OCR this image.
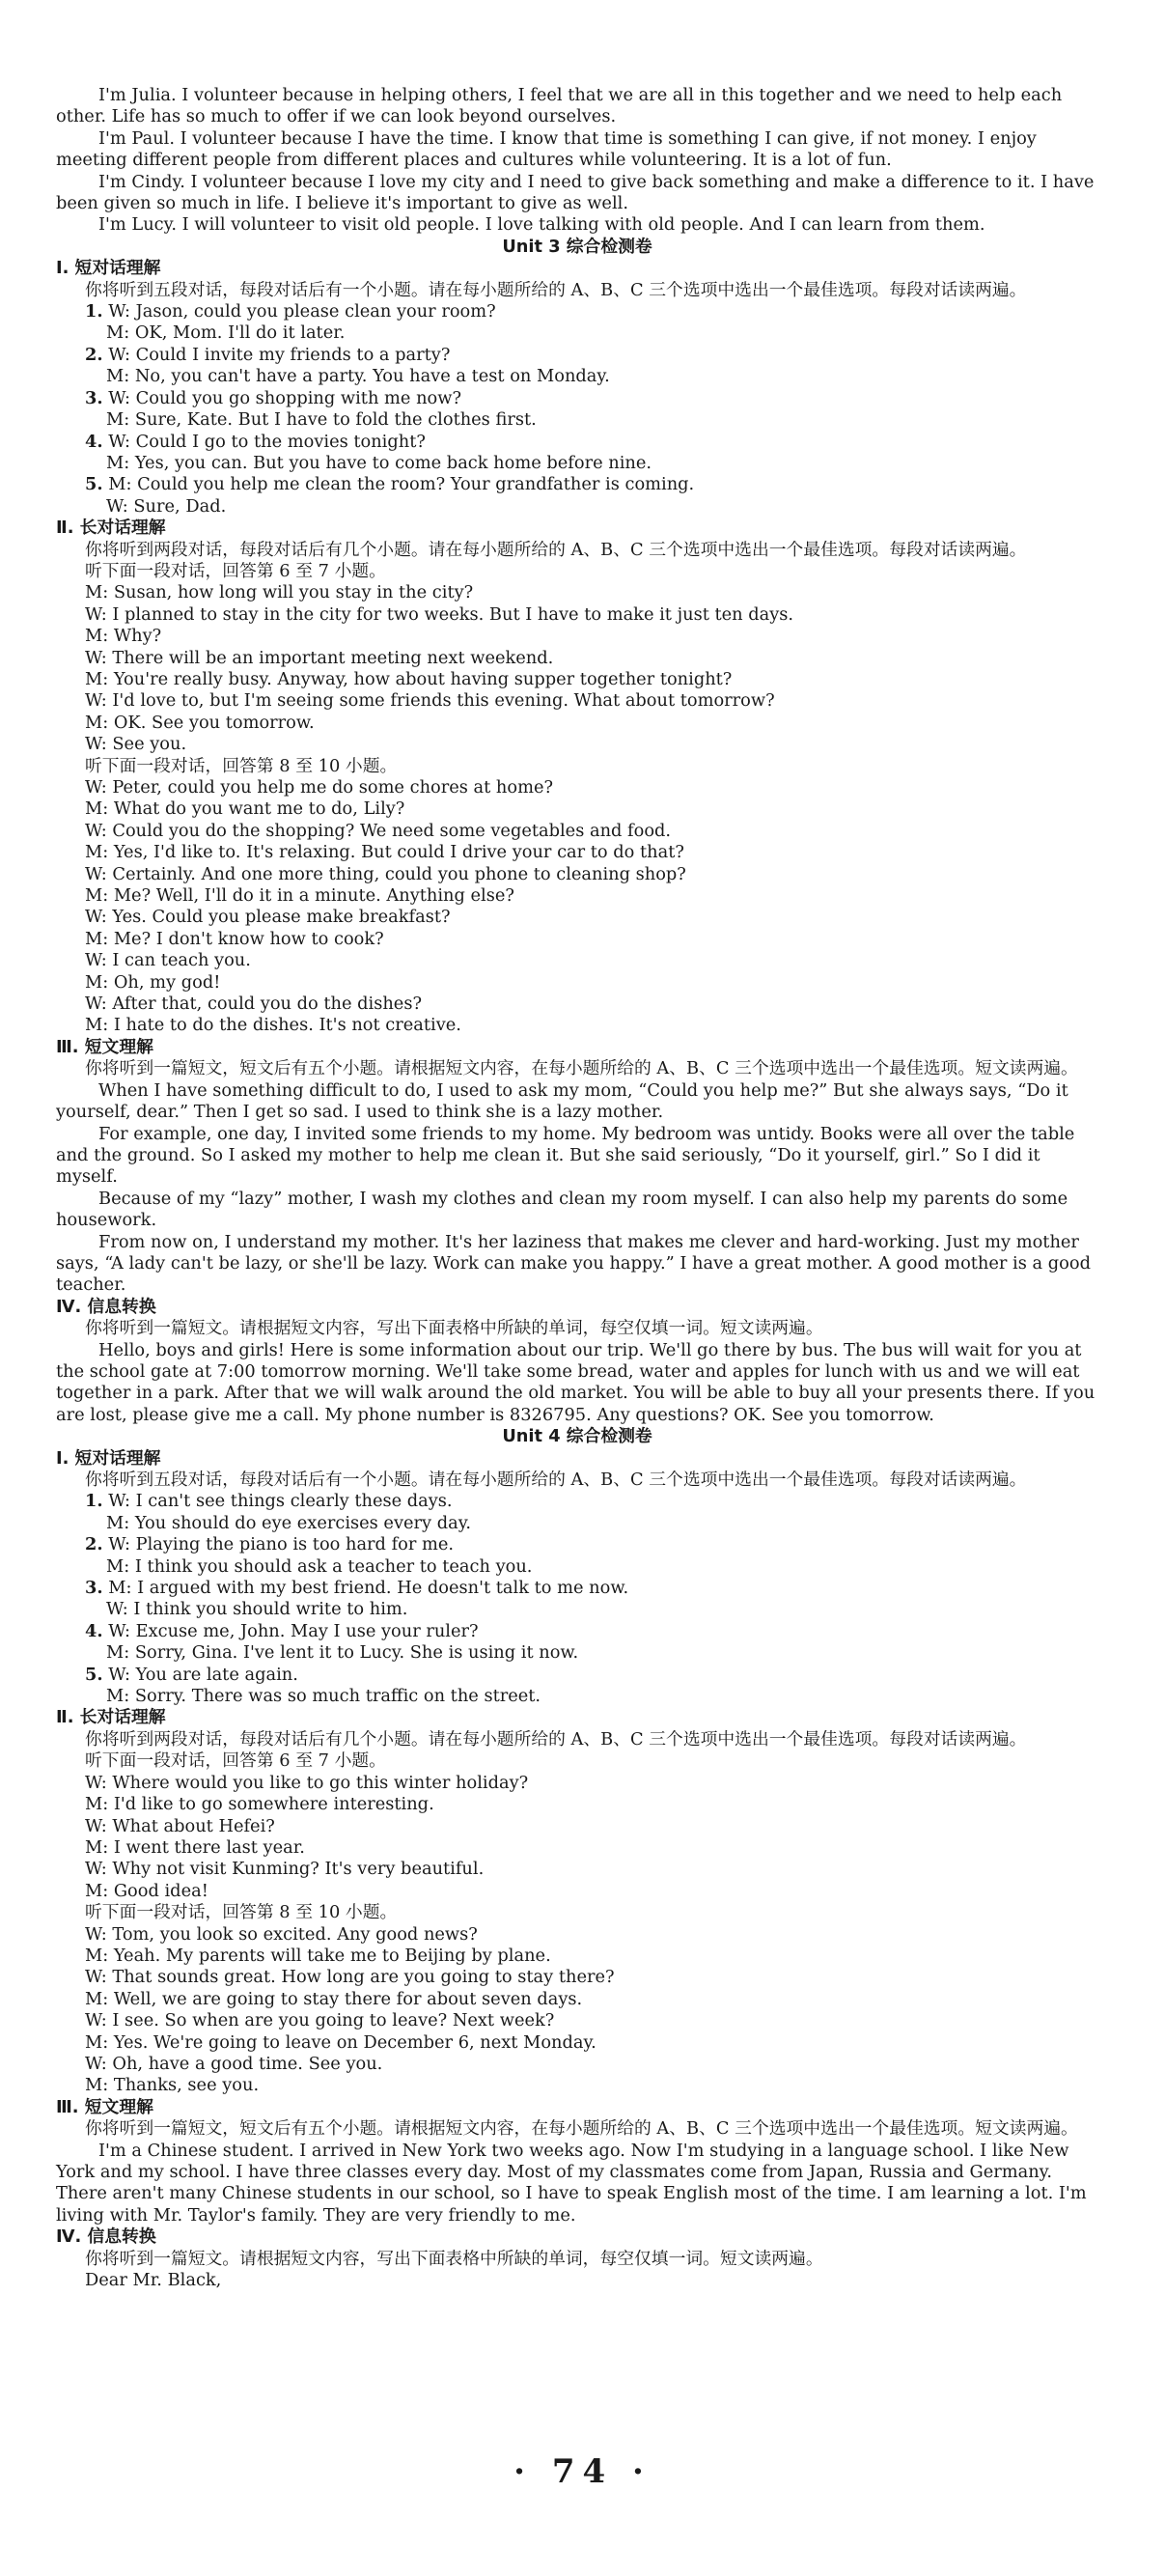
I'm Julia. I volunteer because in helping others, I feel that we are all in this together and we need to help each other. Life has so much to offer if we can look beyond ourselves.

I'm Paul. I volunteer because I have the time. I know that time is something I can give, if not money. I enjoy meeting different people from different places and cultures while volunteering. It is a lot of fun.

I'm Cindy. I volunteer because I love my city and I need to give back something and make a difference to it. I have been given so much in life. I believe it's important to give as well.

I'm Lucy. I will volunteer to visit old people. I love talking with old people. And I can learn from them.

Unit 3 综合检测卷

Ⅰ. 短对话理解

你将听到五段对话，每段对话后有一个小题。请在每小题所给的 A、B、C 三个选项中选出一个最佳选项。每段对话读两遍。

1. W: Jason, could you please clean your room?

M: OK, Mom. I'll do it later.

2. W: Could I invite my friends to a party?

M: No, you can't have a party. You have a test on Monday.

3. W: Could you go shopping with me now?

M: Sure, Kate. But I have to fold the clothes first.

4. W: Could I go to the movies tonight?

M: Yes, you can. But you have to come back home before nine.

5. M: Could you help me clean the room? Your grandfather is coming.

W: Sure, Dad.

Ⅱ. 长对话理解

你将听到两段对话，每段对话后有几个小题。请在每小题所给的 A、B、C 三个选项中选出一个最佳选项。每段对话读两遍。

听下面一段对话，回答第 6 至 7 小题。

M: Susan, how long will you stay in the city?

W: I planned to stay in the city for two weeks. But I have to make it just ten days.

M: Why?

W: There will be an important meeting next weekend.

M: You're really busy. Anyway, how about having supper together tonight?

W: I'd love to, but I'm seeing some friends this evening. What about tomorrow?

M: OK. See you tomorrow.

W: See you.

听下面一段对话，回答第 8 至 10 小题。

W: Peter, could you help me do some chores at home?

M: What do you want me to do, Lily?

W: Could you do the shopping? We need some vegetables and food.

M: Yes, I'd like to. It's relaxing. But could I drive your car to do that?

W: Certainly. And one more thing, could you phone to cleaning shop?

M: Me? Well, I'll do it in a minute. Anything else?

W: Yes. Could you please make breakfast?

M: Me? I don't know how to cook?

W: I can teach you.

M: Oh, my god!

W: After that, could you do the dishes?

M: I hate to do the dishes. It's not creative.

Ⅲ. 短文理解

你将听到一篇短文，短文后有五个小题。请根据短文内容，在每小题所给的 A、B、C 三个选项中选出一个最佳选项。短文读两遍。

When I have something difficult to do, I used to ask my mom, “Could you help me?” But she always says, “Do it yourself, dear.” Then I get so sad. I used to think she is a lazy mother.

For example, one day, I invited some friends to my home. My bedroom was untidy. Books were all over the table and the ground. So I asked my mother to help me clean it. But she said seriously, “Do it yourself, girl.” So I did it myself.

Because of my “lazy” mother, I wash my clothes and clean my room myself. I can also help my parents do some housework.

From now on, I understand my mother. It's her laziness that makes me clever and hard-working. Just my mother says, “A lady can't be lazy, or she'll be lazy. Work can make you happy.” I have a great mother. A good mother is a good teacher.

Ⅳ. 信息转换

你将听到一篇短文。请根据短文内容，写出下面表格中所缺的单词，每空仅填一词。短文读两遍。

Hello, boys and girls! Here is some information about our trip. We'll go there by bus. The bus will wait for you at the school gate at 7:00 tomorrow morning. We'll take some bread, water and apples for lunch with us and we will eat together in a park. After that we will walk around the old market. You will be able to buy all your presents there. If you are lost, please give me a call. My phone number is 8326795. Any questions? OK. See you tomorrow.

Unit 4 综合检测卷

Ⅰ. 短对话理解

你将听到五段对话，每段对话后有一个小题。请在每小题所给的 A、B、C 三个选项中选出一个最佳选项。每段对话读两遍。

1. W: I can't see things clearly these days.

M: You should do eye exercises every day.

2. W: Playing the piano is too hard for me.

M: I think you should ask a teacher to teach you.

3. M: I argued with my best friend. He doesn't talk to me now.

W: I think you should write to him.

4. W: Excuse me, John. May I use your ruler?

M: Sorry, Gina. I've lent it to Lucy. She is using it now.

5. W: You are late again.

M: Sorry. There was so much traffic on the street.

Ⅱ. 长对话理解

你将听到两段对话，每段对话后有几个小题。请在每小题所给的 A、B、C 三个选项中选出一个最佳选项。每段对话读两遍。

听下面一段对话，回答第 6 至 7 小题。

W: Where would you like to go this winter holiday?

M: I'd like to go somewhere interesting.

W: What about Hefei?

M: I went there last year.

W: Why not visit Kunming? It's very beautiful.

M: Good idea!

听下面一段对话，回答第 8 至 10 小题。

W: Tom, you look so excited. Any good news?

M: Yeah. My parents will take me to Beijing by plane.

W: That sounds great. How long are you going to stay there?

M: Well, we are going to stay there for about seven days.

W: I see. So when are you going to leave? Next week?

M: Yes. We're going to leave on December 6, next Monday.

W: Oh, have a good time. See you.

M: Thanks, see you.

Ⅲ. 短文理解

你将听到一篇短文，短文后有五个小题。请根据短文内容，在每小题所给的 A、B、C 三个选项中选出一个最佳选项。短文读两遍。

I'm a Chinese student. I arrived in New York two weeks ago. Now I'm studying in a language school. I like New York and my school. I have three classes every day. Most of my classmates come from Japan, Russia and Germany. There aren't many Chinese students in our school, so I have to speak English most of the time. I am learning a lot. I'm living with Mr. Taylor's family. They are very friendly to me.

Ⅳ. 信息转换

你将听到一篇短文。请根据短文内容，写出下面表格中所缺的单词，每空仅填一词。短文读两遍。

Dear Mr. Black,

· 74 ·
